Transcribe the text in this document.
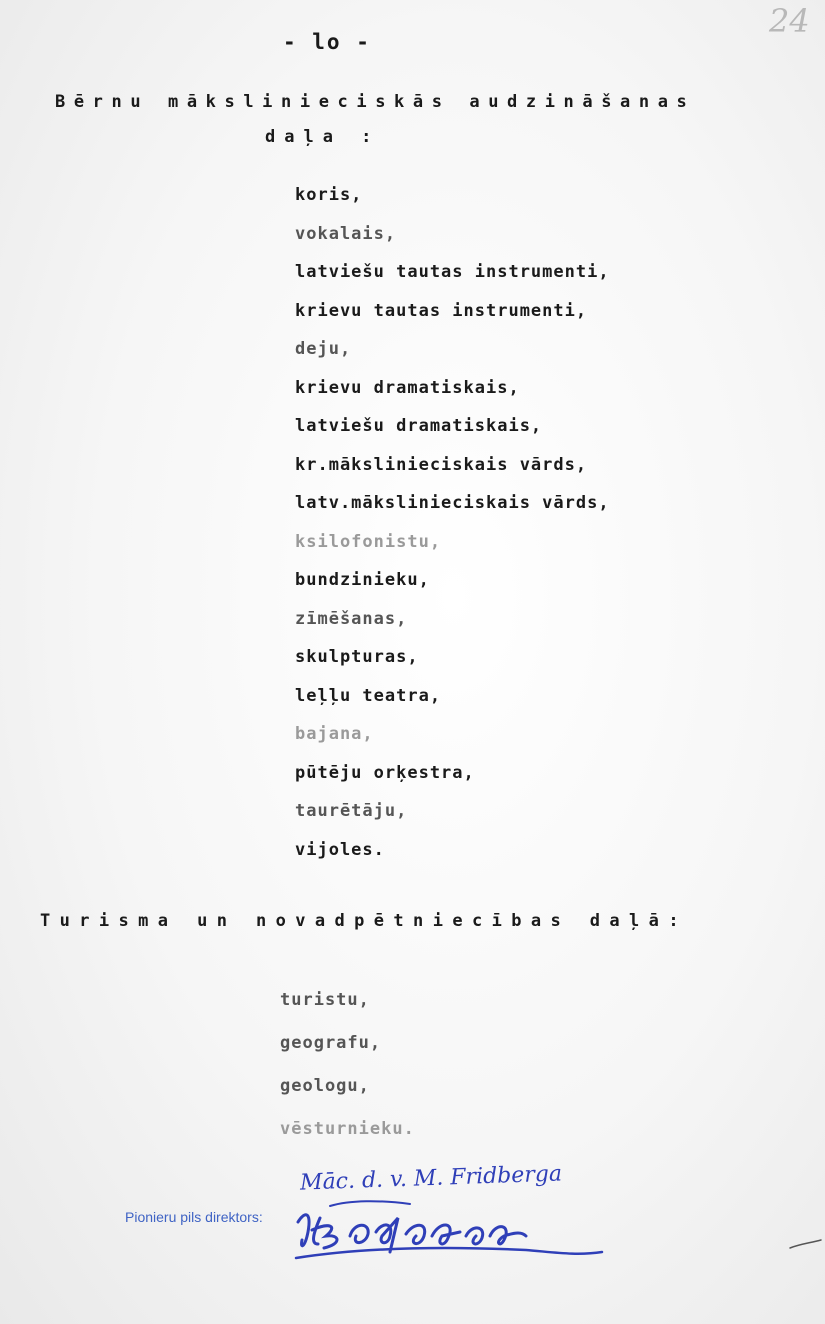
- lo -
24
Bērnu mākslinieciskās audzināšanas
daļa :
koris,
vokalais,
latviešu tautas instrumenti,
krievu tautas instrumenti,
deju,
krievu dramatiskais,
latviešu dramatiskais,
kr.mākslinieciskais vārds,
latv.mākslinieciskais vārds,
ksilofonistu,
bundzinieku,
zīmēšanas,
skulpturas,
leļļu teatra,
bajana,
pūtēju orķestra,
taurētāju,
vijoles.
Turisma un novadpētniecības daļā:
turistu,
geografu,
geologu,
vēsturnieku.
Pionieru pils direktors:
Māc. d. v. M. Fridberga
